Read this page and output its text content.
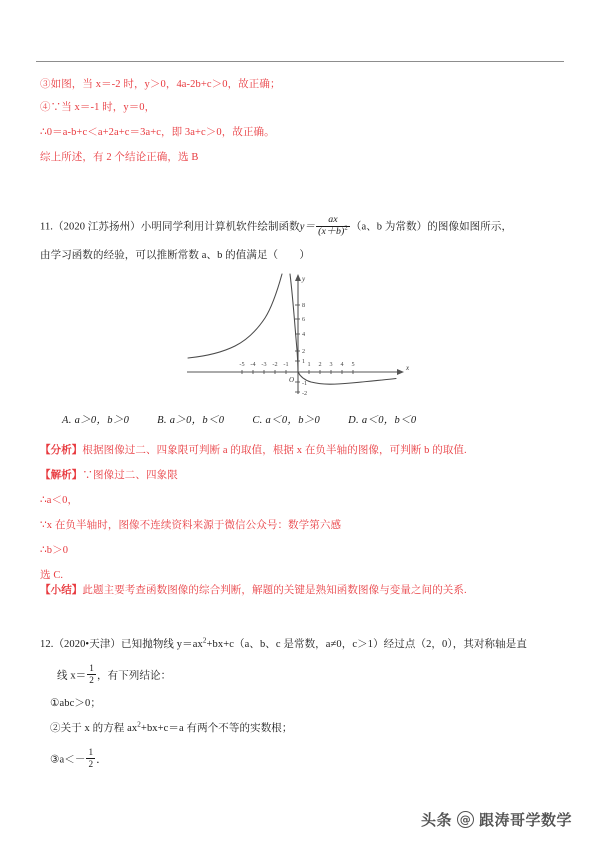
③如图，当 x＝‑2 时，y＞0，4a‑2b+c＞0，故正确；
④∵当 x＝‑1 时，y＝0，
∴0＝a‑b+c＜a+2a+c＝3a+c，即 3a+c＞0，故正确。
综上所述，有 2 个结论正确，选 B
11.（2020 江苏扬州）小明同学利用计算机软件绘制函数$y= \frac{ax}{(x+b)^2} (a$、b 为常数）的图像如图所示，
由学习函数的经验，可以推断常数 a、b 的值满足（　　）
x
y
O
-5 -4 -3 -2 -1	1 2 3 4 5
1
2
4
6
8
-1
-2
A. a＞0，b＞0	B. a＞0，b＜0	C. a＜0，b＞0	D. a＜0，b＜0
【分析】根据图像过二、四象限可判断 a 的取值，根据 x 在负半轴的图像，可判断 b 的取值.
【解析】∵图像过二、四象限
∴a＜0，
∵x 在负半轴时，图像不连续资料来源于微信公众号：数学第六感
∴b＞0
选 C.
【小结】此题主要考查函数图像的综合判断，解题的关键是熟知函数图像与变量之间的关系.
12.（2020•天津）已知抛物线 $y=ax^2+bx+c(a$、b、c 是常数，a≠0，c＞1）经过点（2，0），其对称轴是直
线 $x= \frac{1}{2}$ ，有下列结论：
①abc＞0；
②关于 x 的方程 $ax^2+bx+c=a$ 有两个不等的实数根；
③a＜－ $\frac{1}{2}$ ．
头条 @ 跟涛哥学数学
